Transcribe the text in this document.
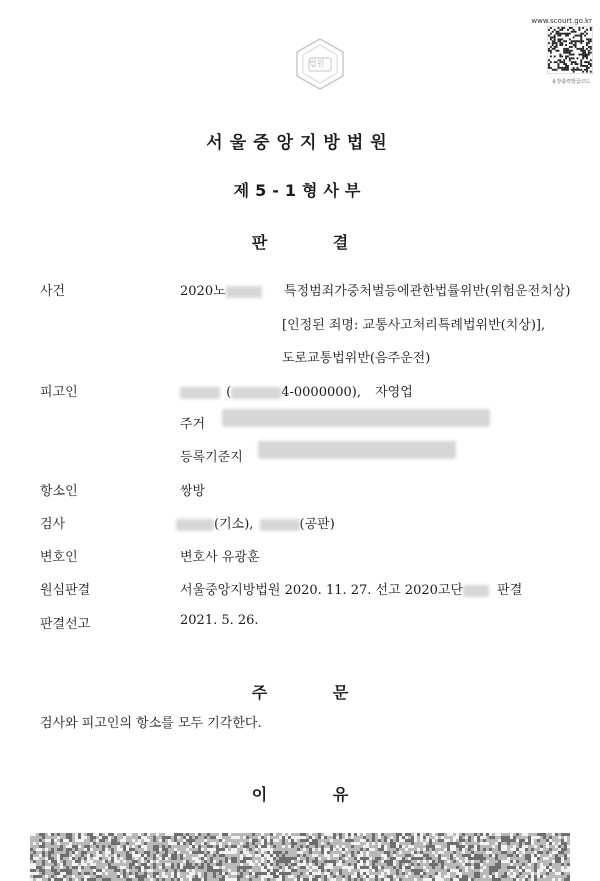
www.scourt.go.kr
법원
용장출력발급코드
서울중앙지방법원
제5-1형사부
판 결
사건	2020노	특정범죄가중처벌등에관한법률위반(위험운전치상)
[인정된 죄명: 교통사고처리특례법위반(치상)],
도로교통법위반(음주운전)
피고인	(	4-0000000), 자영업
주거
등록기준지
항소인	쌍방
검사	(기소),	(공판)
변호인	변호사 유광훈
원심판결	서울중앙지방법원 2020. 11. 27. 선고 2020고단	판결
판결선고	2021. 5. 26.
주 문
검사와 피고인의 항소를 모두 기각한다.
이 유
